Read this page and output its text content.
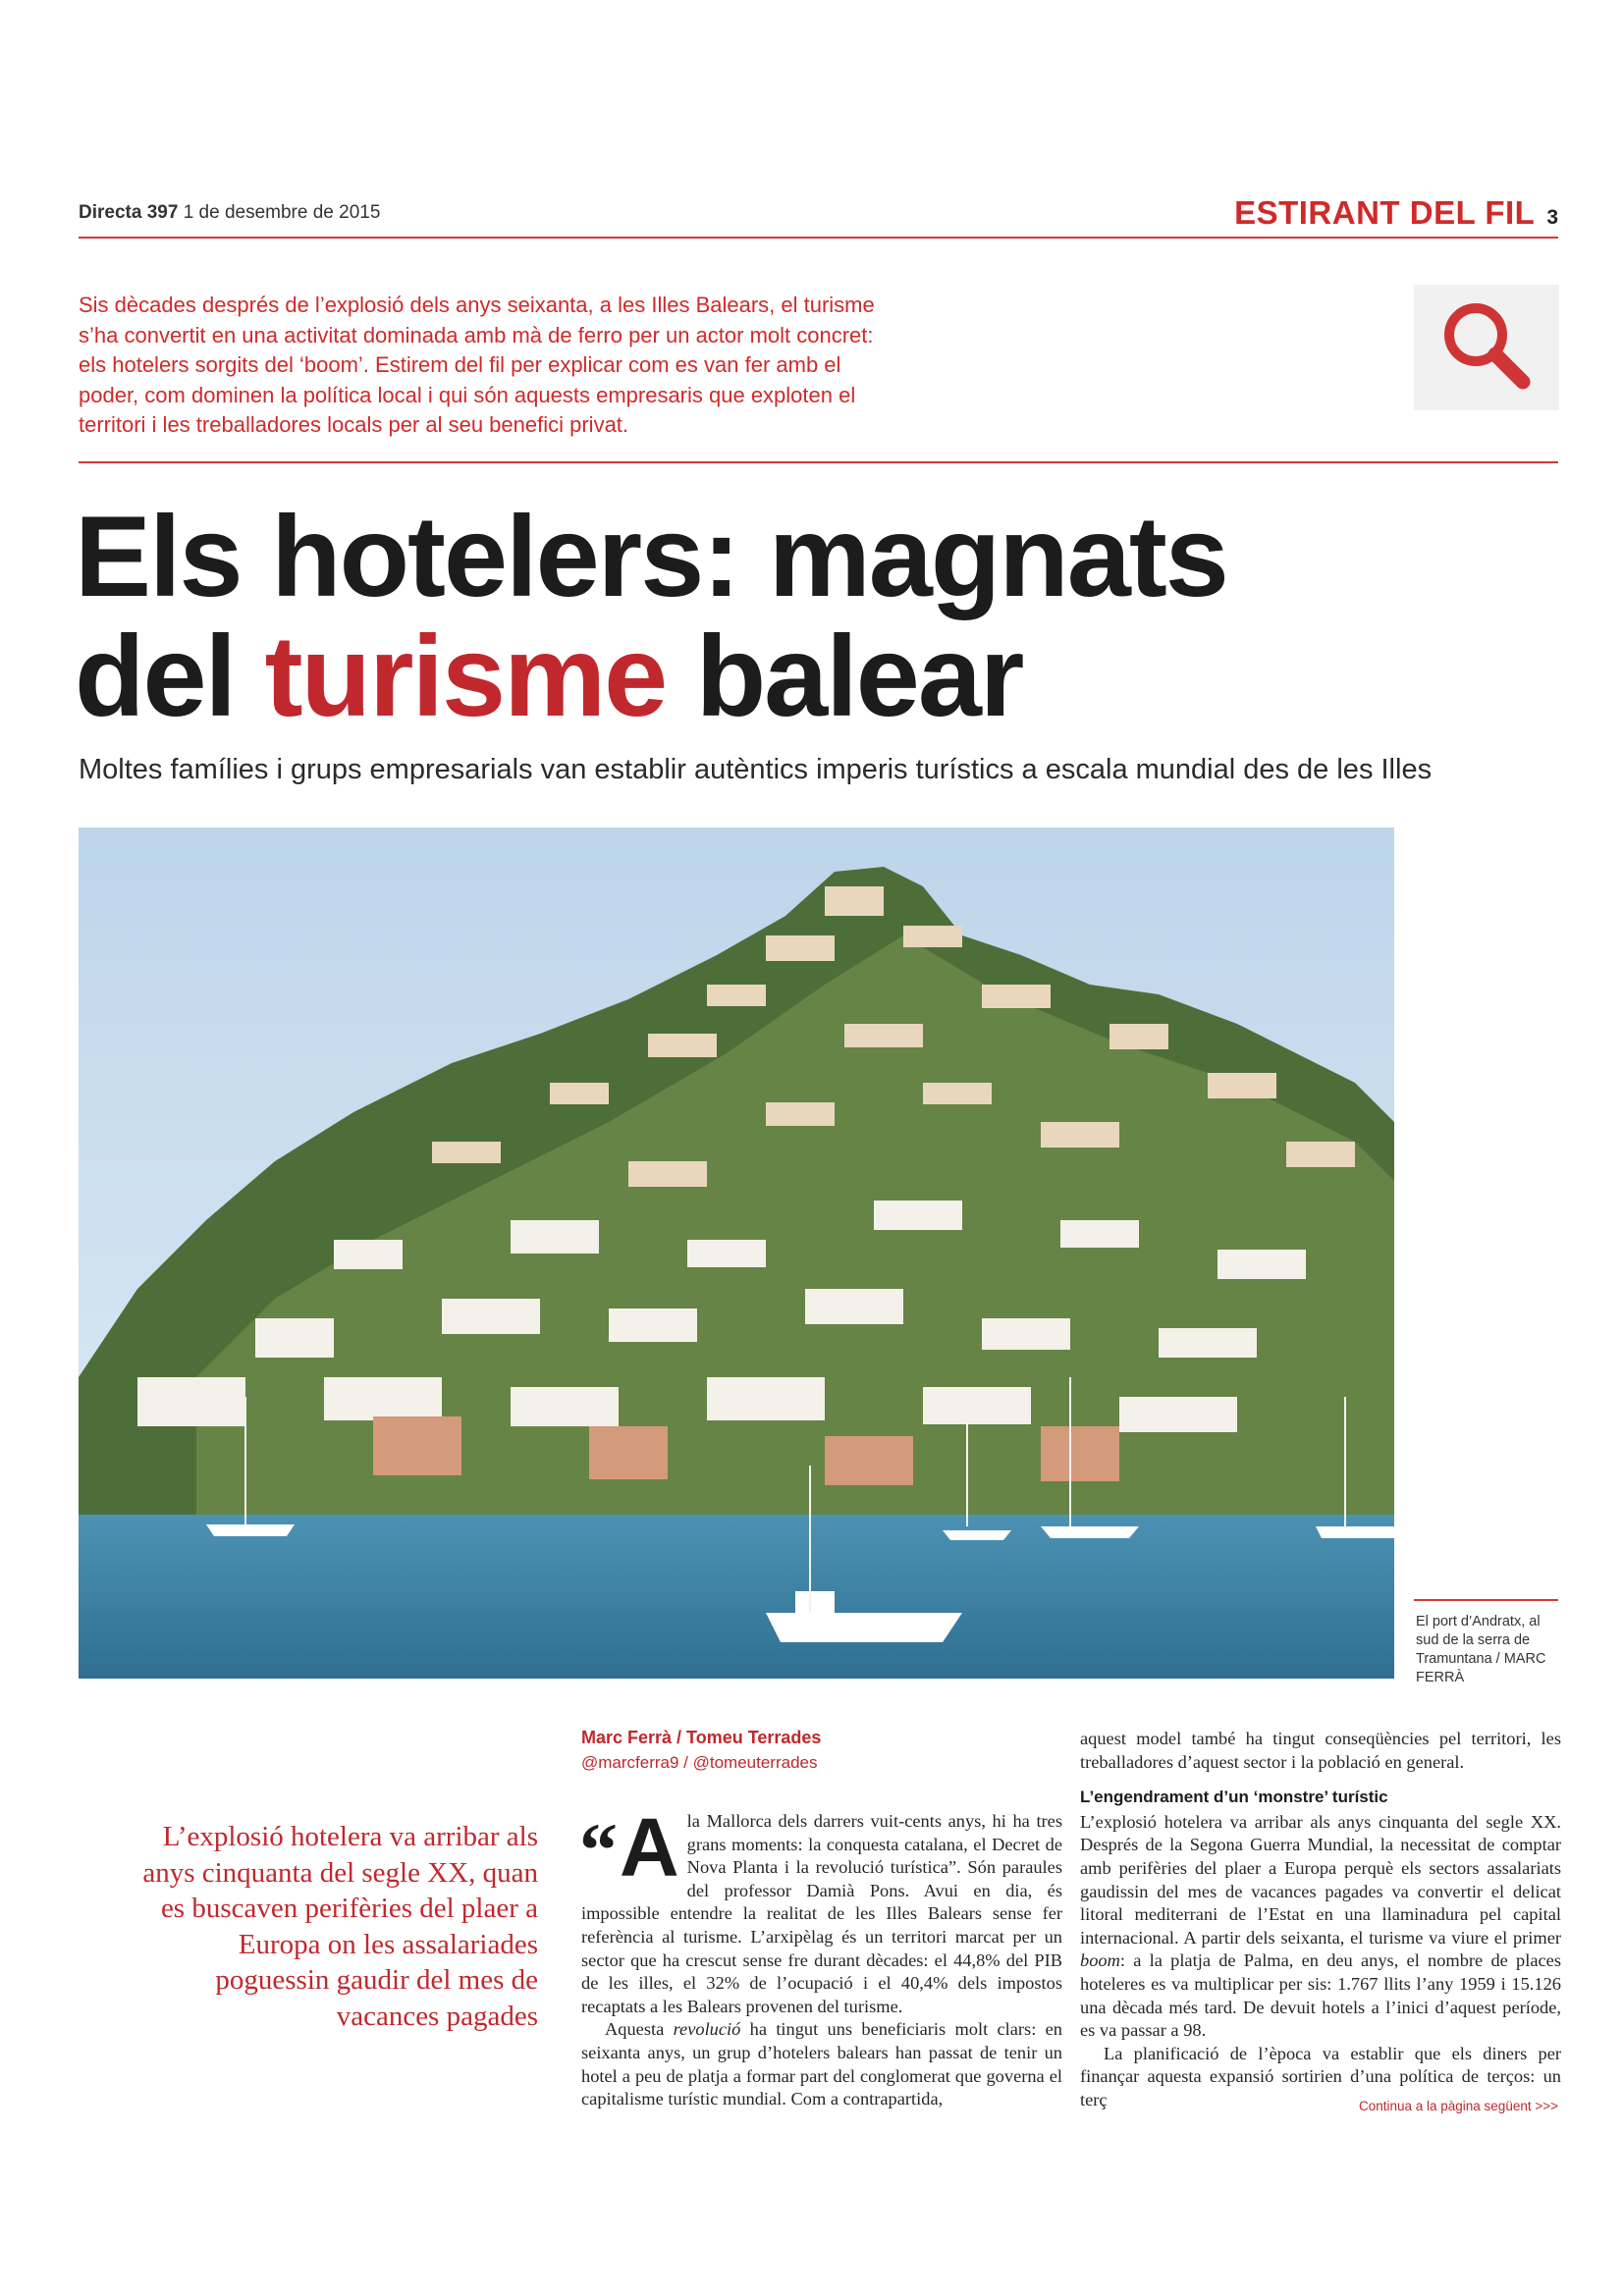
Directa 397 1 de desembre de 2015	ESTIRANT DEL FIL 3

Sis dècades després de l’explosió dels anys seixanta, a les Illes Balears, el turisme s’ha convertit en una activitat dominada amb mà de ferro per un actor molt concret: els hotelers sorgits del ‘boom’. Estirem del fil per explicar com es van fer amb el poder, com dominen la política local i qui són aquests empresaris que exploten el territori i les treballadores locals per al seu benefici privat.

Els hotelers: magnats
del turisme balear

Moltes famílies i grups empresarials van establir autèntics imperis turístics a escala mundial des de les Illes

El port d’Andratx, al sud de la serra de Tramuntana / MARC FERRÀ

Marc Ferrà / Tomeu Terrades
@marcferra9 / @tomeuterrades

L’explosió hotelera va arribar als anys cinquanta del segle XX, quan es buscaven perifèries del plaer a Europa on les assalariades poguessin gaudir del mes de vacances pagades

“A la Mallorca dels darrers vuit-cents anys, hi ha tres grans moments: la conquesta catalana, el Decret de Nova Planta i la revolució turística”. Són paraules del professor Damià Pons. Avui en dia, és impossible entendre la realitat de les Illes Balears sense fer referència al turisme. L’arxipèlag és un territori marcat per un sector que ha crescut sense fre durant dècades: el 44,8% del PIB de les illes, el 32% de l’ocupació i el 40,4% dels impostos recaptats a les Balears provenen del turisme.

Aquesta revolució ha tingut uns beneficiaris molt clars: en seixanta anys, un grup d’hotelers balears han passat de tenir un hotel a peu de platja a formar part del conglomerat que governa el capitalisme turístic mundial. Com a contrapartida,

aquest model també ha tingut conseqüències pel territori, les treballadores d’aquest sector i la població en general.

L’engendrament d’un ‘monstre’ turístic

L’explosió hotelera va arribar als anys cinquanta del segle XX. Després de la Segona Guerra Mundial, la necessitat de comptar amb perifèries del plaer a Europa perquè els sectors assalariats gaudissin del mes de vacances pagades va convertir el delicat litoral mediterrani de l’Estat en una llaminadura pel capital internacional. A partir dels seixanta, el turisme va viure el primer boom: a la platja de Palma, en deu anys, el nombre de places hoteleres es va multiplicar per sis: 1.767 llits l’any 1959 i 15.126 una dècada més tard. De devuit hotels a l’inici d’aquest període, es va passar a 98.

La planificació de l’època va establir que els diners per finançar aquesta expansió sortirien d’una política de terços: un terç	Continua a la pàgina següent >>>
